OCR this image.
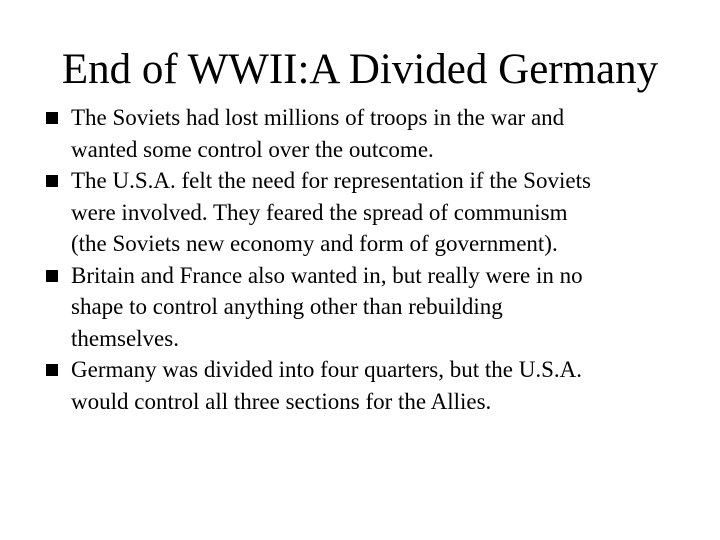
End of WWII:A Divided Germany
The Soviets had lost millions of troops in the war and
wanted some control over the outcome.
The U.S.A. felt the need for representation if the Soviets
were involved. They feared the spread of communism
(the Soviets new economy and form of government).
Britain and France also wanted in, but really were in no
shape to control anything other than rebuilding
themselves.
Germany was divided into four quarters, but the U.S.A.
would control all three sections for the Allies.
